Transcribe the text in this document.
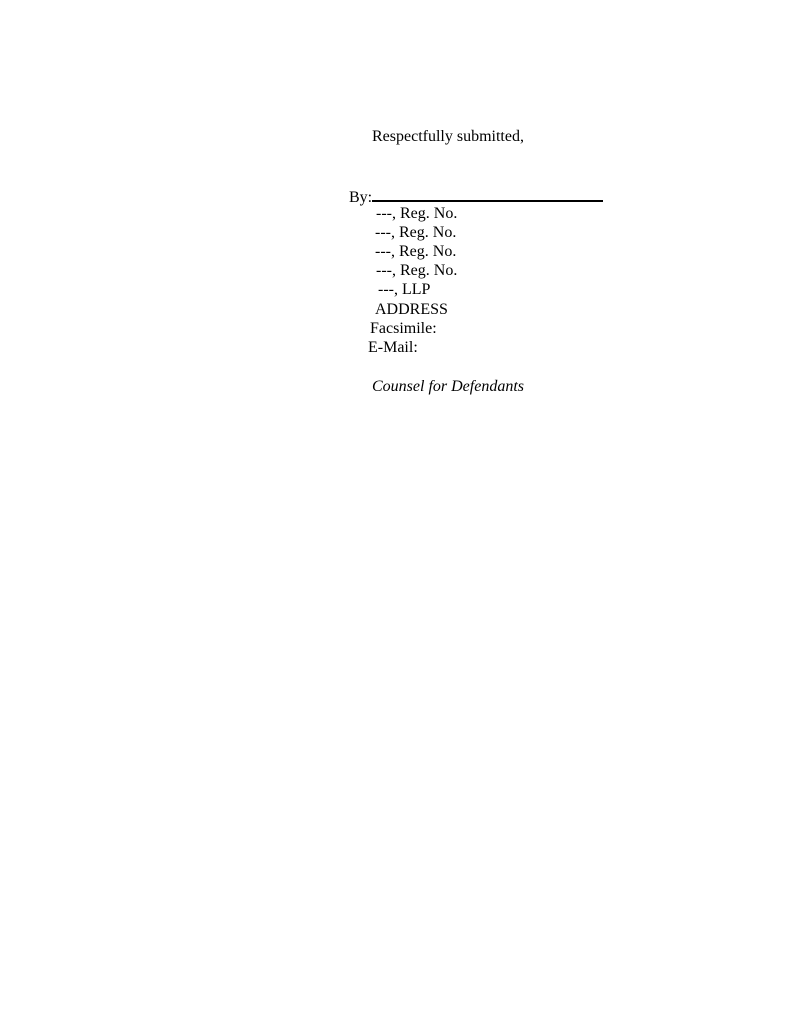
Respectfully submitted,
By:
---, Reg. No.
---, Reg. No.
---, Reg. No.
---, Reg. No.
---, LLP
ADDRESS
Facsimile:
E-Mail:
Counsel for Defendants
